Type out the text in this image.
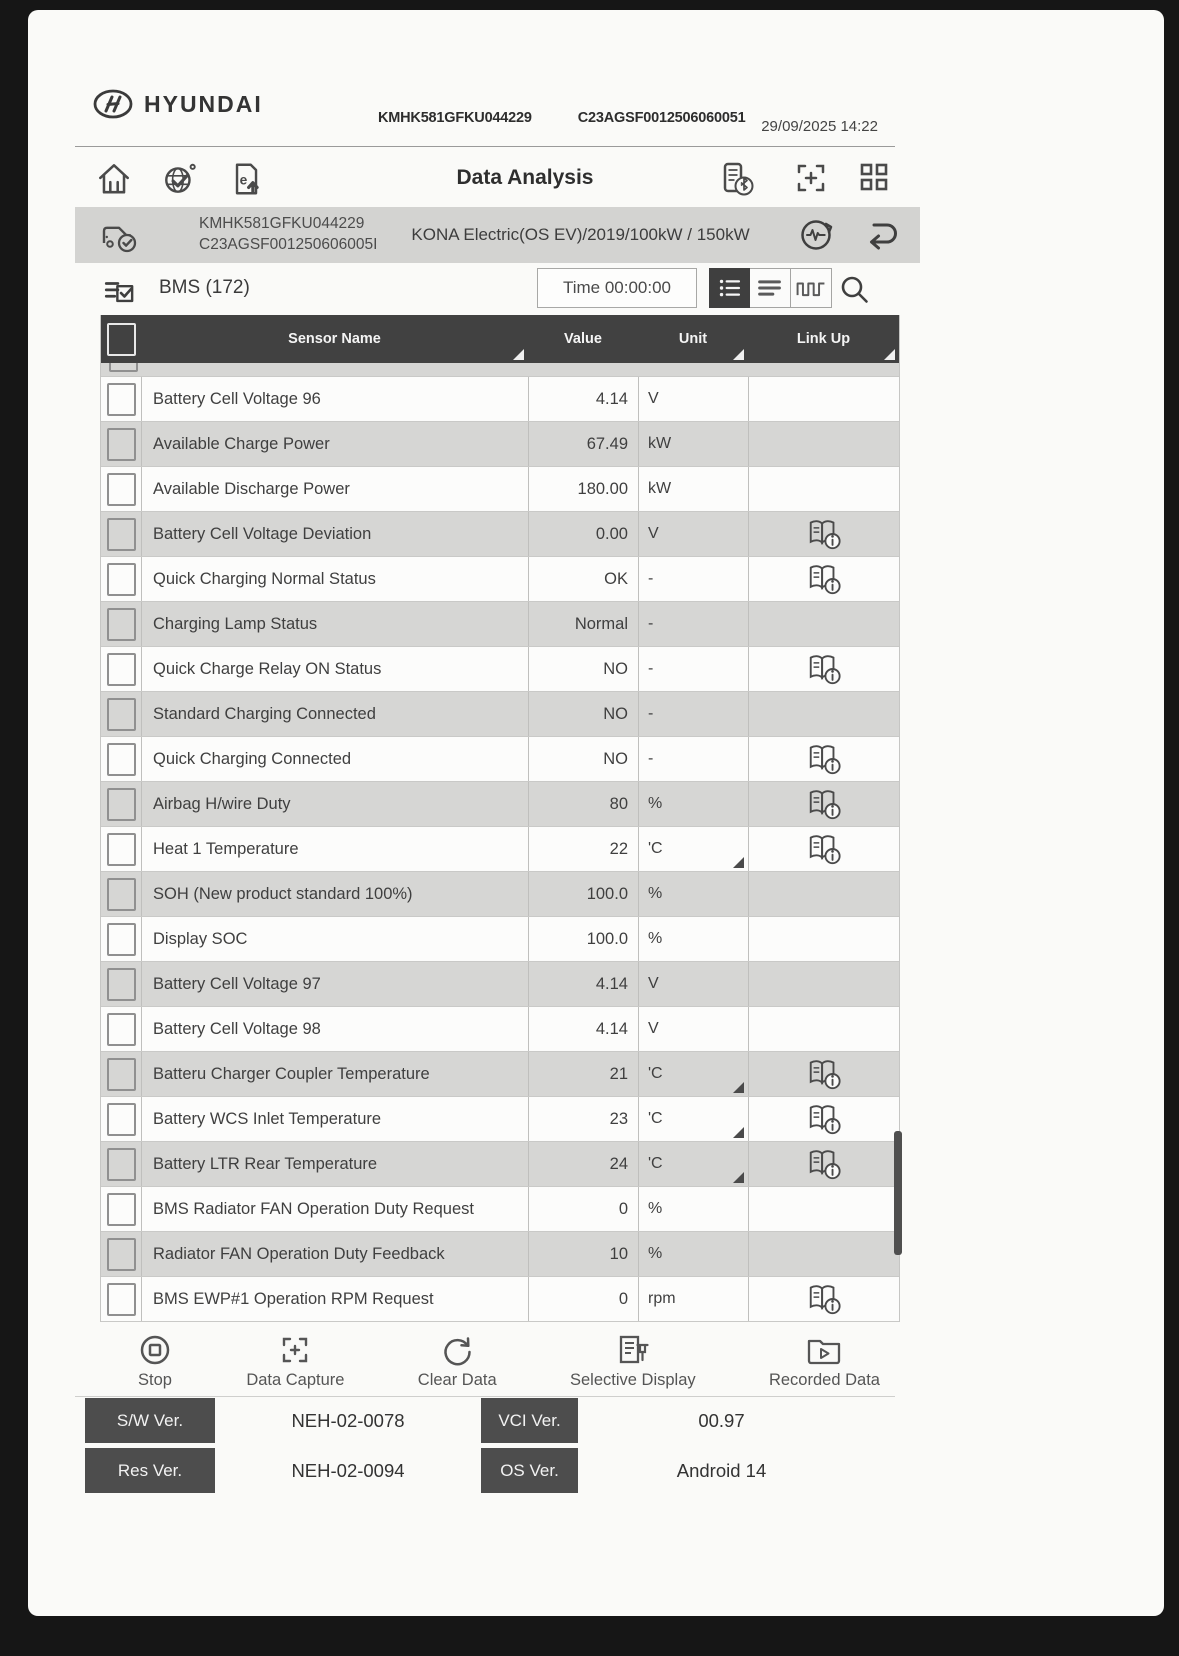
HYUNDAI
KMHK581GFKU044229	C23AGSF0012506060051	29/09/2025 14:22
e	Data Analysis
KMHK581GFKU044229
C23AGSF001250606005I
KONA Electric(OS EV)/2019/100kW / 150kW
BMS (172)	Time 00:00:00
Sensor Name	Value	Unit	Link Up
Battery Cell Voltage 96	4.14	V
Available Charge Power	67.49	kW
Available Discharge Power	180.00	kW
Battery Cell Voltage Deviation	0.00	V
Quick Charging Normal Status	OK	-
Charging Lamp Status	Normal	-
Quick Charge Relay ON Status	NO	-
Standard Charging Connected	NO	-
Quick Charging Connected	NO	-
Airbag H/wire Duty	80	%
Heat 1 Temperature	22	'C
SOH (New product standard 100%)	100.0	%
Display SOC	100.0	%
Battery Cell Voltage 97	4.14	V
Battery Cell Voltage 98	4.14	V
Batteru Charger Coupler Temperature	21	'C
Battery WCS Inlet Temperature	23	'C
Battery LTR Rear Temperature	24	'C
BMS Radiator FAN Operation Duty Request	0	%
Radiator FAN Operation Duty Feedback	10	%
BMS EWP#1 Operation RPM Request	0	rpm
Stop	Data Capture	Clear Data	Selective Display	Recorded Data
S/W Ver.	NEH-02-0078	VCI Ver.	00.97
Res Ver.	NEH-02-0094	OS Ver.	Android 14
